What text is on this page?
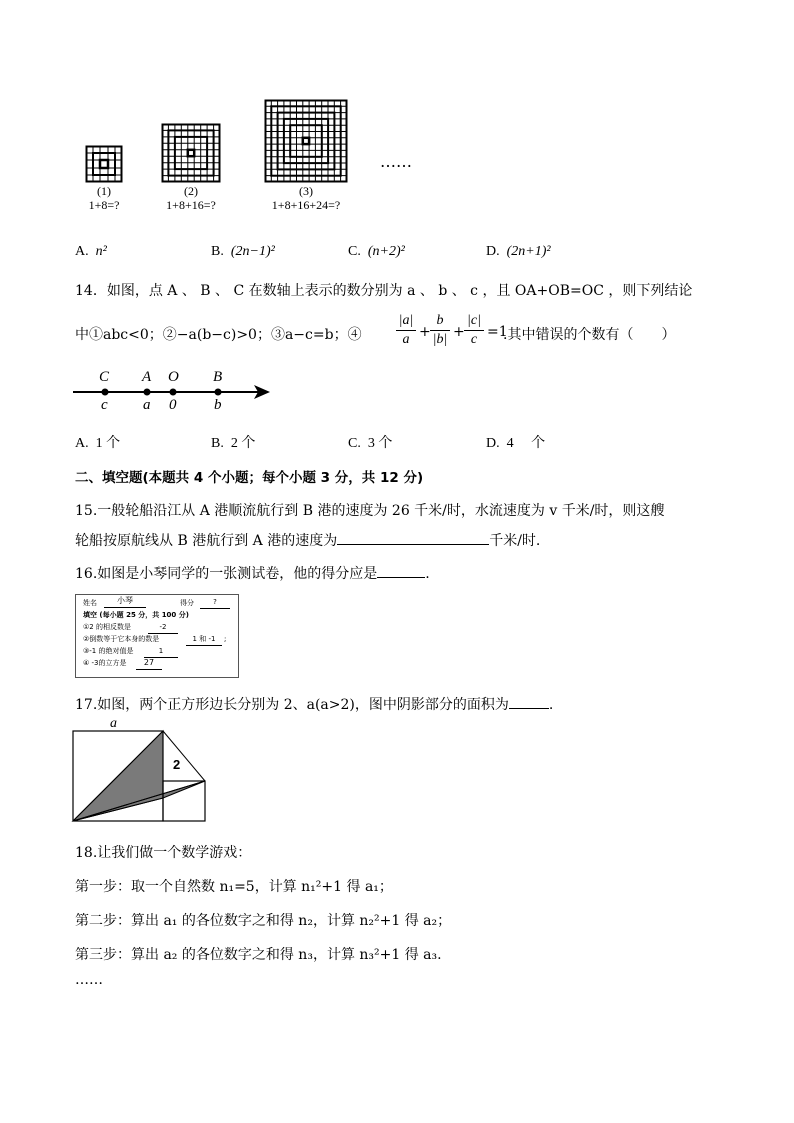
(1)
1+8=?
(2)
1+8+16=?
(3)
1+8+16+24=?
……
A. n²	B. (2n−1)²	C. (n+2)²	D. (2n+1)²
14．如图，点 A 、 B 、 C 在数轴上表示的数分别为 a 、 b 、 c ，且 OA+OB=OC ，则下列结论
中①abc<0；②−a(b−c)>0；③a−c=b；④ $\frac{|a|}{a} + \frac{b}{|b|} + \frac{|c|}{c} =1$
.其中错误的个数有（　　）
C A O B
c a 0	b
A. 1 个	B. 2 个	C. 3 个	D. 4　 个
二、填空题(本题共 4 个小题；每个小题 3 分，共 12 分)
15.一般轮船沿江从 A 港顺流航行到 B 港的速度为 26 千米/时，水流速度为 v 千米/时，则这艘
轮船按原航线从 B 港航行到 A 港的速度为	千米/时.
16.如图是小琴同学的一张测试卷，他的得分应是	.
姓名	小琴	得分	?
填空 (每小题 25 分，共 100 分)
①2 的相反数是	-2
②倒数等于它本身的数是	1 和 -1	;
③-1 的绝对值是	1
④ -3的立方是	27
17.如图，两个正方形边长分别为 2、a(a>2)，图中阴影部分的面积为	.
a
2
18.让我们做一个数学游戏：
第一步：取一个自然数 n₁=5，计算 n₁²+1 得 a₁；
第二步：算出 a₁ 的各位数字之和得 n₂，计算 n₂²+1 得 a₂；
第三步：算出 a₂ 的各位数字之和得 n₃，计算 n₃²+1 得 a₃.
……
